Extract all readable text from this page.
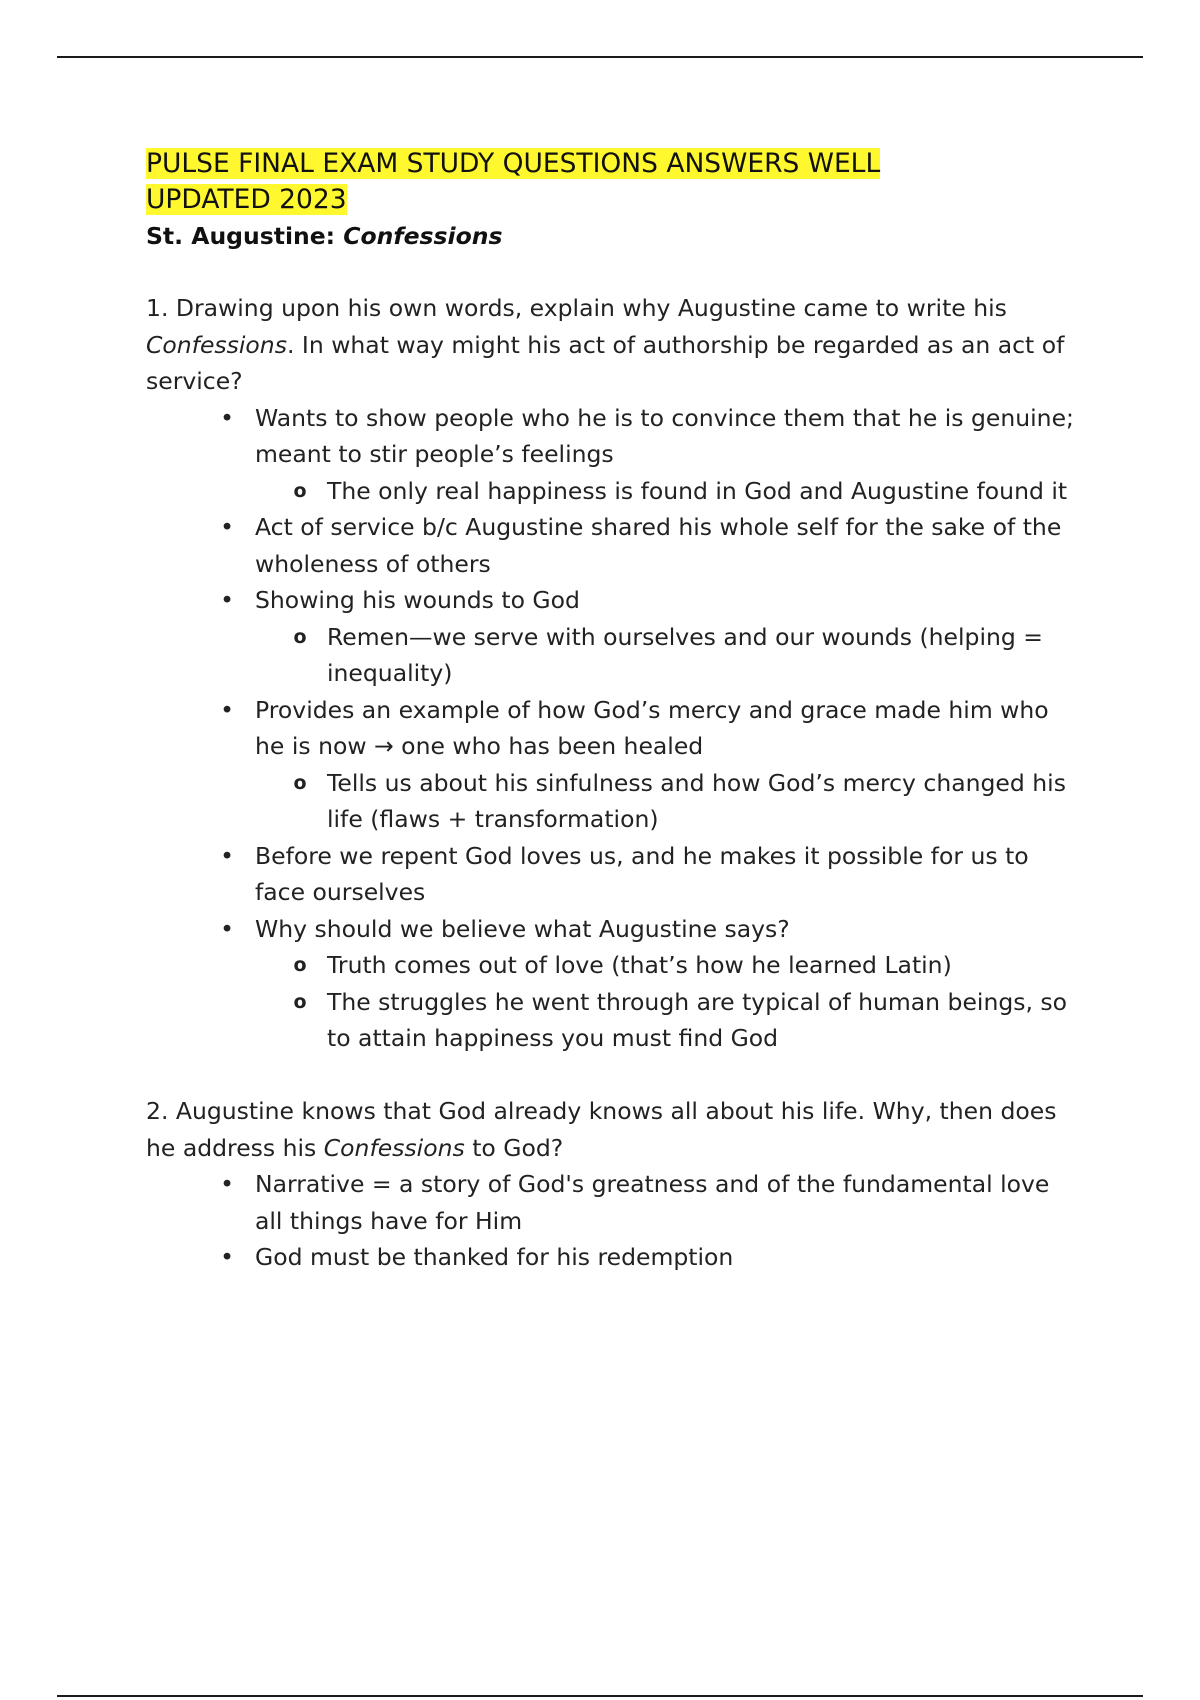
PULSE FINAL EXAM STUDY QUESTIONS ANSWERS WELL
UPDATED 2023

St. Augustine: Confessions

1. Drawing upon his own words, explain why Augustine came to write his Confessions. In what way might his act of authorship be regarded as an act of service?

• Wants to show people who he is to convince them that he is genuine; meant to stir people’s feelings
o The only real happiness is found in God and Augustine found it
• Act of service b/c Augustine shared his whole self for the sake of the wholeness of others
• Showing his wounds to God
o Remen—we serve with ourselves and our wounds (helping = inequality)
• Provides an example of how God’s mercy and grace made him who he is now → one who has been healed
o Tells us about his sinfulness and how God’s mercy changed his life (flaws + transformation)
• Before we repent God loves us, and he makes it possible for us to face ourselves
• Why should we believe what Augustine says?
o Truth comes out of love (that’s how he learned Latin)
o The struggles he went through are typical of human beings, so to attain happiness you must find God

2. Augustine knows that God already knows all about his life. Why, then does he address his Confessions to God?

• Narrative = a story of God's greatness and of the fundamental love all things have for Him
• God must be thanked for his redemption
